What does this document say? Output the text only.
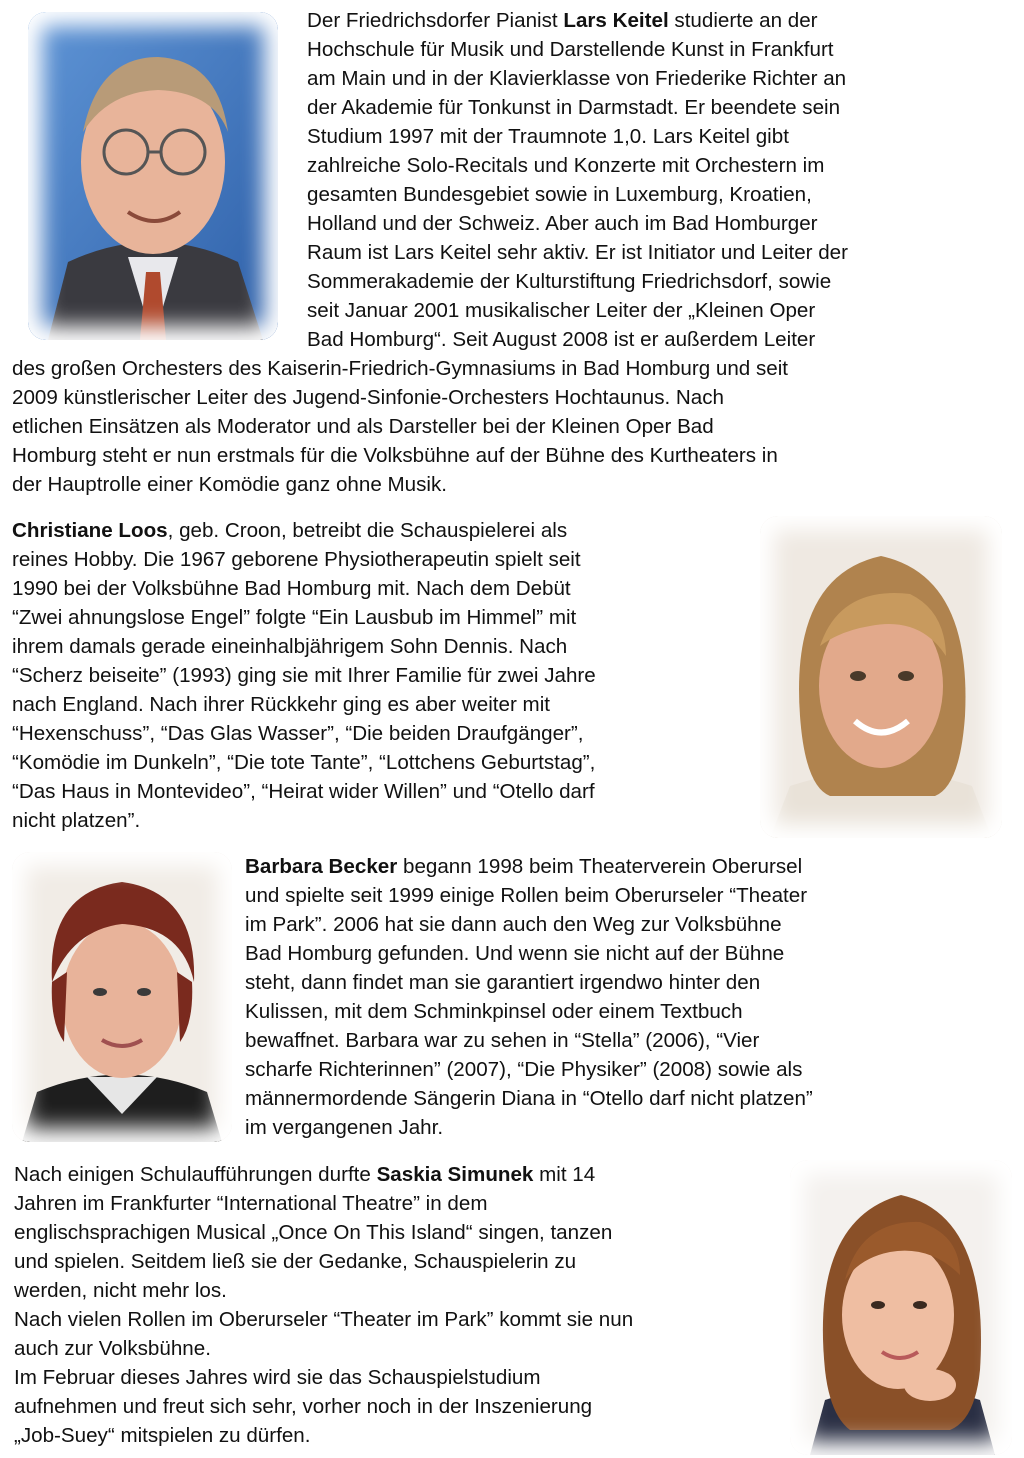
Der Friedrichsdorfer Pianist Lars Keitel studierte an der
Hochschule für Musik und Darstellende Kunst in Frankfurt
am Main und in der Klavierklasse von Friederike Richter an
der Akademie für Tonkunst in Darmstadt. Er beendete sein
Studium 1997 mit der Traumnote 1,0. Lars Keitel gibt
zahlreiche Solo-Recitals und Konzerte mit Orchestern im
gesamten Bundesgebiet sowie in Luxemburg, Kroatien,
Holland und der Schweiz. Aber auch im Bad Homburger
Raum ist Lars Keitel sehr aktiv. Er ist Initiator und Leiter der
Sommerakademie der Kulturstiftung Friedrichsdorf, sowie
seit Januar 2001 musikalischer Leiter der „Kleinen Oper
Bad Homburg“. Seit August 2008 ist er außerdem Leiter
des großen Orchesters des Kaiserin-Friedrich-Gymnasiums in Bad Homburg und seit
2009 künstlerischer Leiter des Jugend-Sinfonie-Orchesters Hochtaunus. Nach
etlichen Einsätzen als Moderator und als Darsteller bei der Kleinen Oper Bad
Homburg steht er nun erstmals für die Volksbühne auf der Bühne des Kurtheaters in
der Hauptrolle einer Komödie ganz ohne Musik.
Christiane Loos, geb. Croon, betreibt die Schauspielerei als
reines Hobby. Die 1967 geborene Physiotherapeutin spielt seit
1990 bei der Volksbühne Bad Homburg mit. Nach dem Debüt
“Zwei ahnungslose Engel” folgte “Ein Lausbub im Himmel” mit
ihrem damals gerade eineinhalbjährigem Sohn Dennis. Nach
“Scherz beiseite” (1993) ging sie mit Ihrer Familie für zwei Jahre
nach England. Nach ihrer Rückkehr ging es aber weiter mit
“Hexenschuss”, “Das Glas Wasser”, “Die beiden Draufgänger”,
“Komödie im Dunkeln”, “Die tote Tante”, “Lottchens Geburtstag”,
“Das Haus in Montevideo”, “Heirat wider Willen” und “Otello darf
nicht platzen”.
Barbara Becker begann 1998 beim Theaterverein Oberursel
und spielte seit 1999 einige Rollen beim Oberurseler “Theater
im Park”. 2006 hat sie dann auch den Weg zur Volksbühne
Bad Homburg gefunden. Und wenn sie nicht auf der Bühne
steht, dann findet man sie garantiert irgendwo hinter den
Kulissen, mit dem Schminkpinsel oder einem Textbuch
bewaffnet. Barbara war zu sehen in “Stella” (2006), “Vier
scharfe Richterinnen” (2007), “Die Physiker” (2008) sowie als
männermordende Sängerin Diana in “Otello darf nicht platzen”
im vergangenen Jahr.
Nach einigen Schulaufführungen durfte Saskia Simunek mit 14
Jahren im Frankfurter “International Theatre” in dem
englischsprachigen Musical „Once On This Island“ singen, tanzen
und spielen. Seitdem ließ sie der Gedanke, Schauspielerin zu
werden, nicht mehr los.
Nach vielen Rollen im Oberurseler “Theater im Park” kommt sie nun
auch zur Volksbühne.
Im Februar dieses Jahres wird sie das Schauspielstudium
aufnehmen und freut sich sehr, vorher noch in der Inszenierung
„Job-Suey“ mitspielen zu dürfen.
